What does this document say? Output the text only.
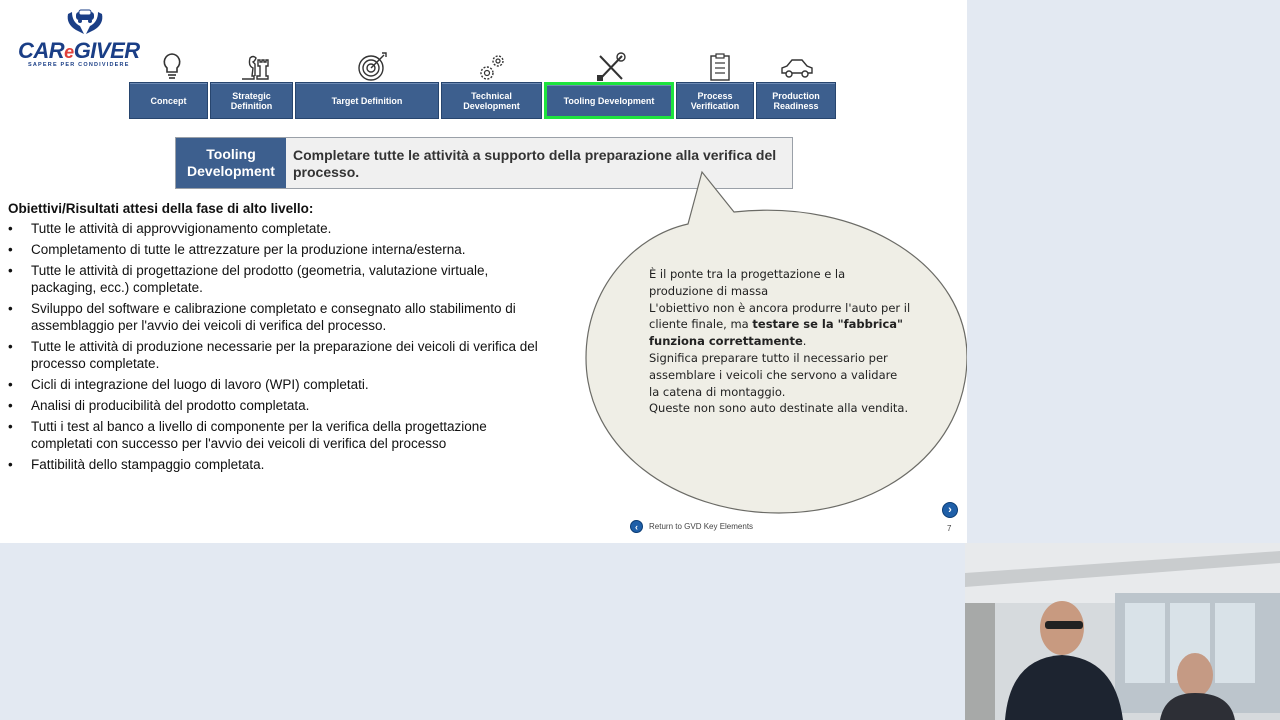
CAReGIVER
SAPERE PER CONDIVIDERE
Concept	Strategic Definition	Target Definition	Technical Development	Tooling Development	Process Verification
Production Readiness
Tooling Development
Completare tutte le attività a supporto della preparazione alla verifica del processo.
Obiettivi/Risultati attesi della fase di alto livello:
• Tutte le attività di approvvigionamento completate.
• Completamento di tutte le attrezzature per la produzione interna/esterna.
• Tutte le attività di progettazione del prodotto (geometria, valutazione virtuale, packaging, ecc.) completate.
• Sviluppo del software e calibrazione completato e consegnato allo stabilimento di assemblaggio per l'avvio dei veicoli di verifica del processo.
• Tutte le attività di produzione necessarie per la preparazione dei veicoli di verifica del processo completate.
• Cicli di integrazione del luogo di lavoro (WPI) completati.
• Analisi di producibilità del prodotto completata.
• Tutti i test al banco a livello di componente per la verifica della progettazione completati con successo per l'avvio dei veicoli di verifica del processo
• Fattibilità dello stampaggio completata.
È il ponte tra la progettazione e la produzione di massa
L'obiettivo non è ancora produrre l'auto per il cliente finale, ma testare se la "fabbrica" funziona correttamente.
Significa preparare tutto il necessario per assemblare i veicoli che servono a validare la catena di montaggio.
Queste non sono auto destinate alla vendita.
‹	Return to GVD Key Elements
›
7
